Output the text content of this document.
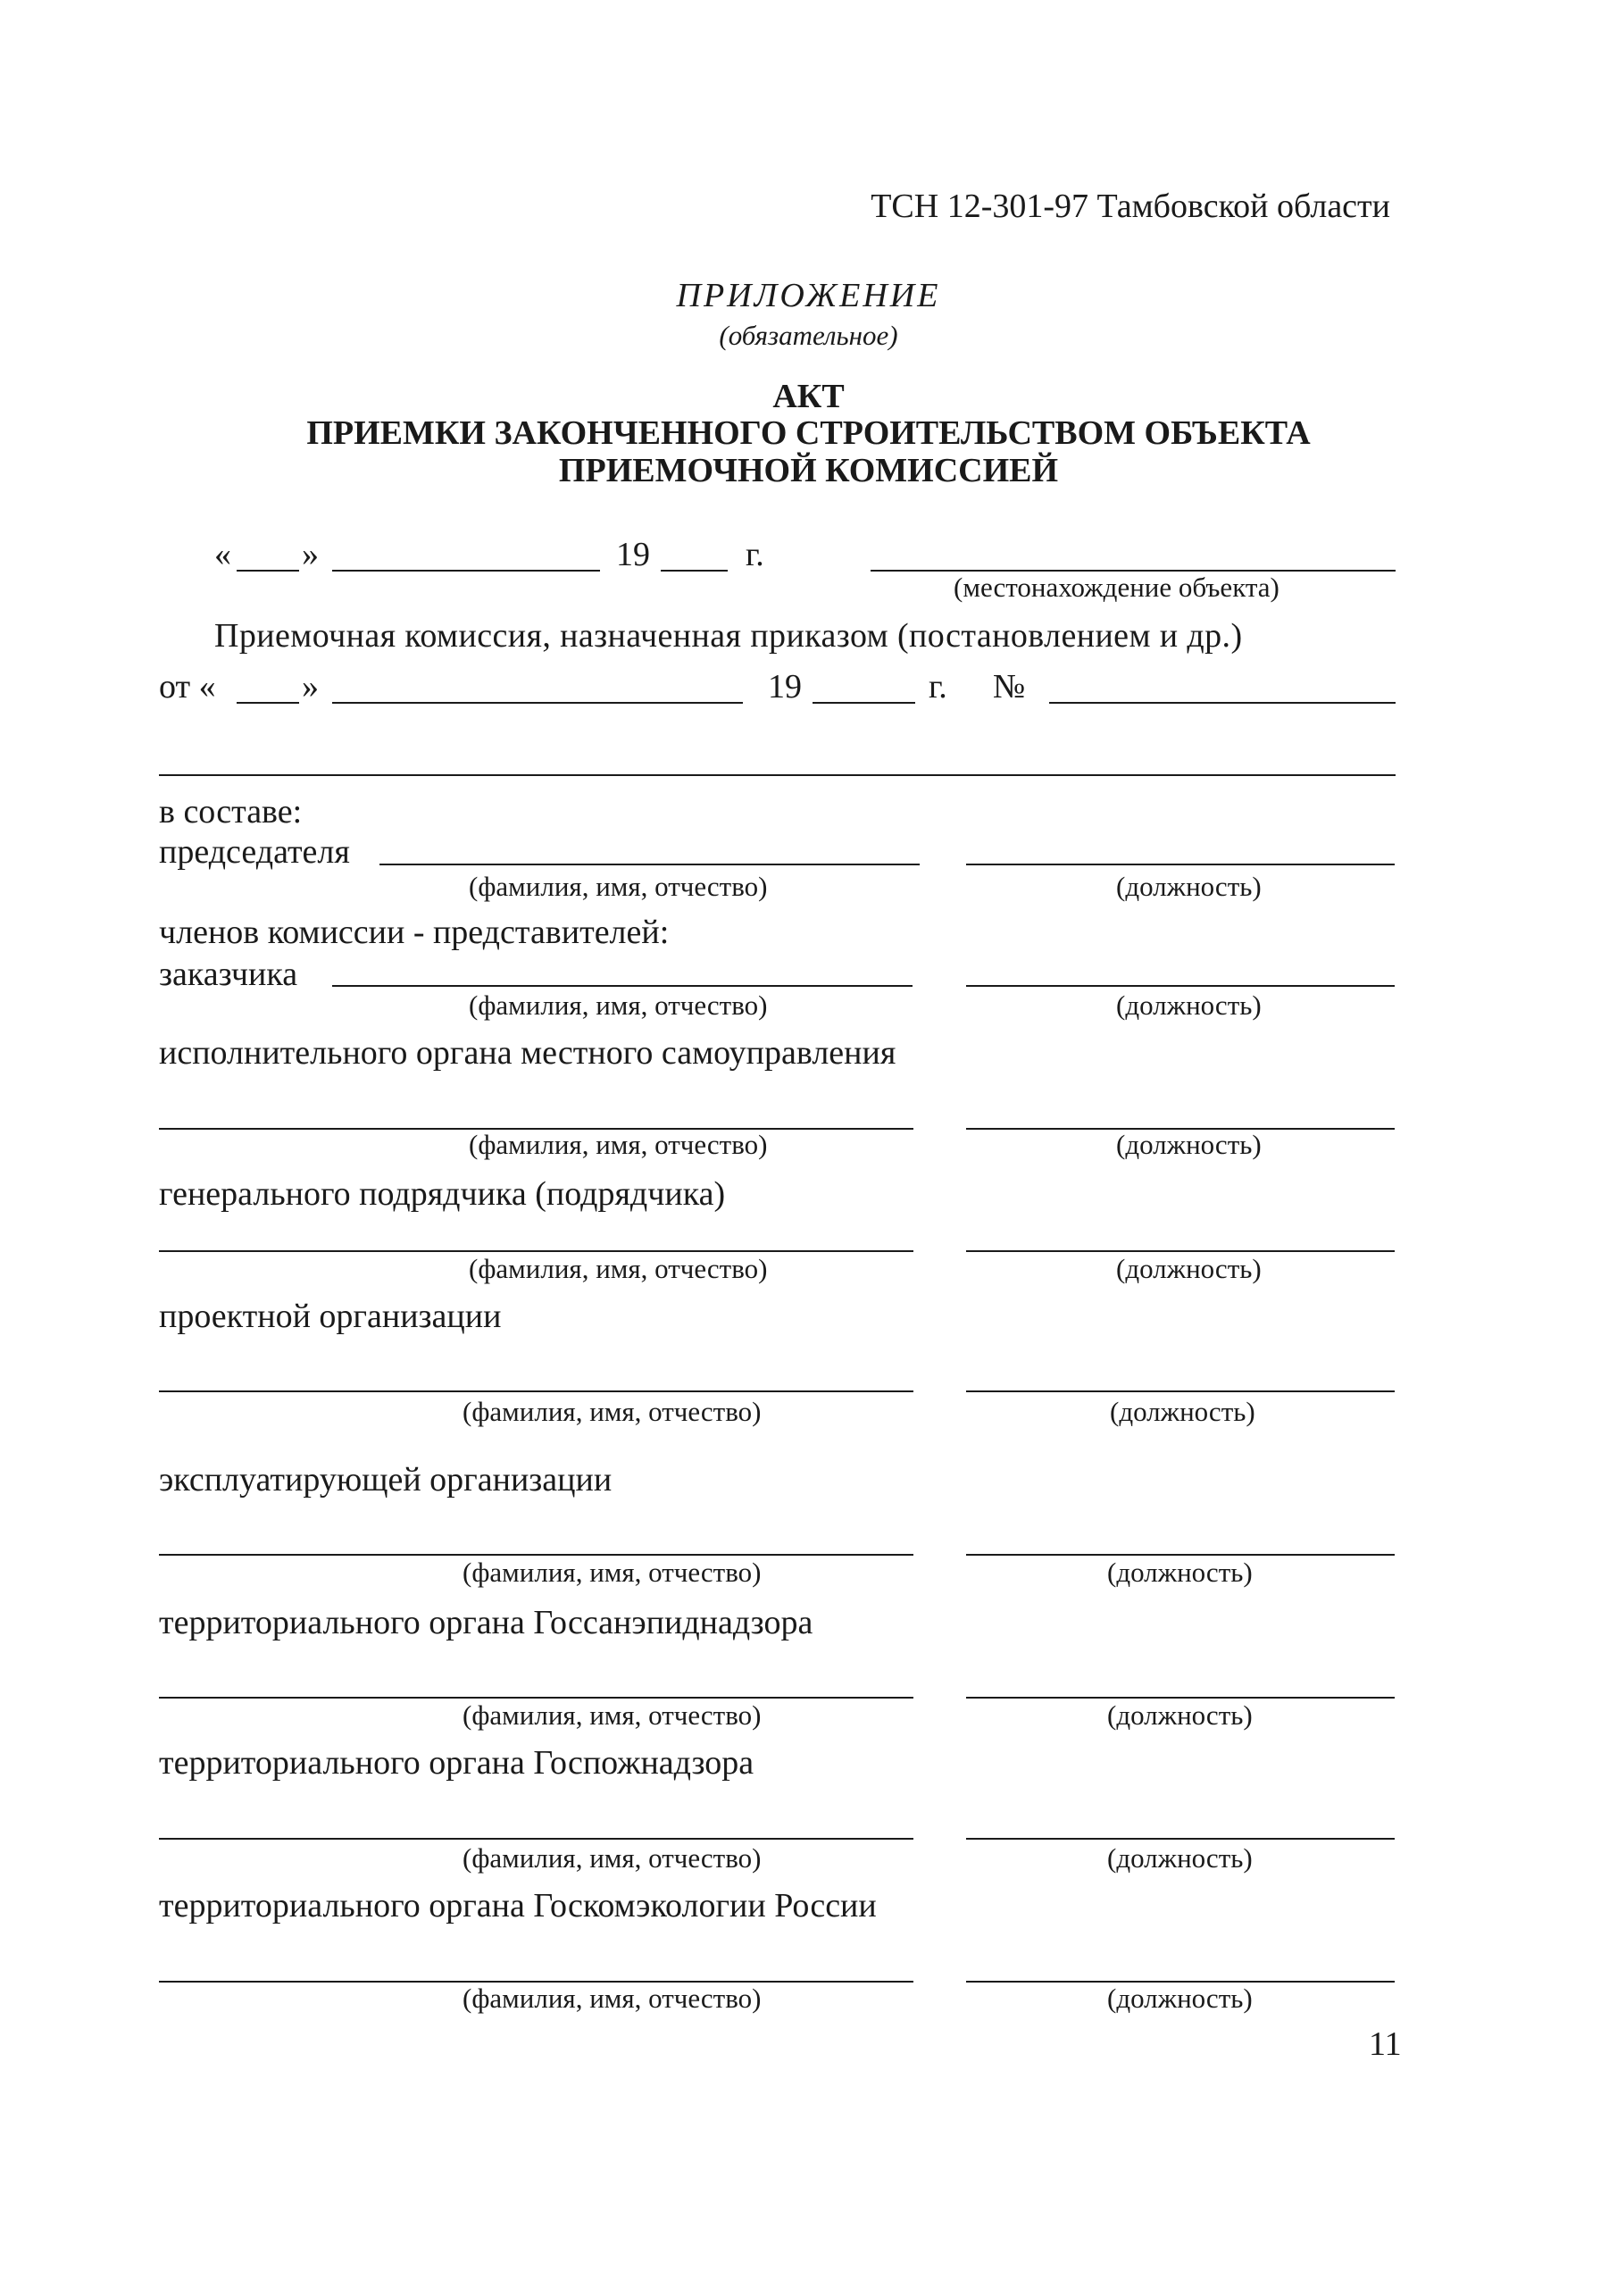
ТСН 12-301-97 Тамбовской области
ПРИЛОЖЕНИЕ
(обязательное)
АКТ
ПРИЕМКИ ЗАКОНЧЕННОГО СТРОИТЕЛЬСТВОМ ОБЪЕКТА
ПРИЕМОЧНОЙ КОМИССИЕЙ
« »	19	г.
(местонахождение объекта)
Приемочная комиссия, назначенная приказом (постановлением и др.)
от «	»	19	г. №
в составе:
председателя
(фамилия, имя, отчество)	(должность)
членов комиссии - представителей:
заказчика
(фамилия, имя, отчество)	(должность)
исполнительного органа местного самоуправления
(фамилия, имя, отчество)	(должность)
генерального подрядчика (подрядчика)
(фамилия, имя, отчество)	(должность)
проектной организации
(фамилия, имя, отчество)	(должность)
эксплуатирующей организации
(фамилия, имя, отчество)	(должность)
территориального органа Госсанэпиднадзора
(фамилия, имя, отчество)	(должность)
территориального органа Госпожнадзора
(фамилия, имя, отчество)	(должность)
территориального органа Госкомэкологии России
(фамилия, имя, отчество)	(должность)
11
